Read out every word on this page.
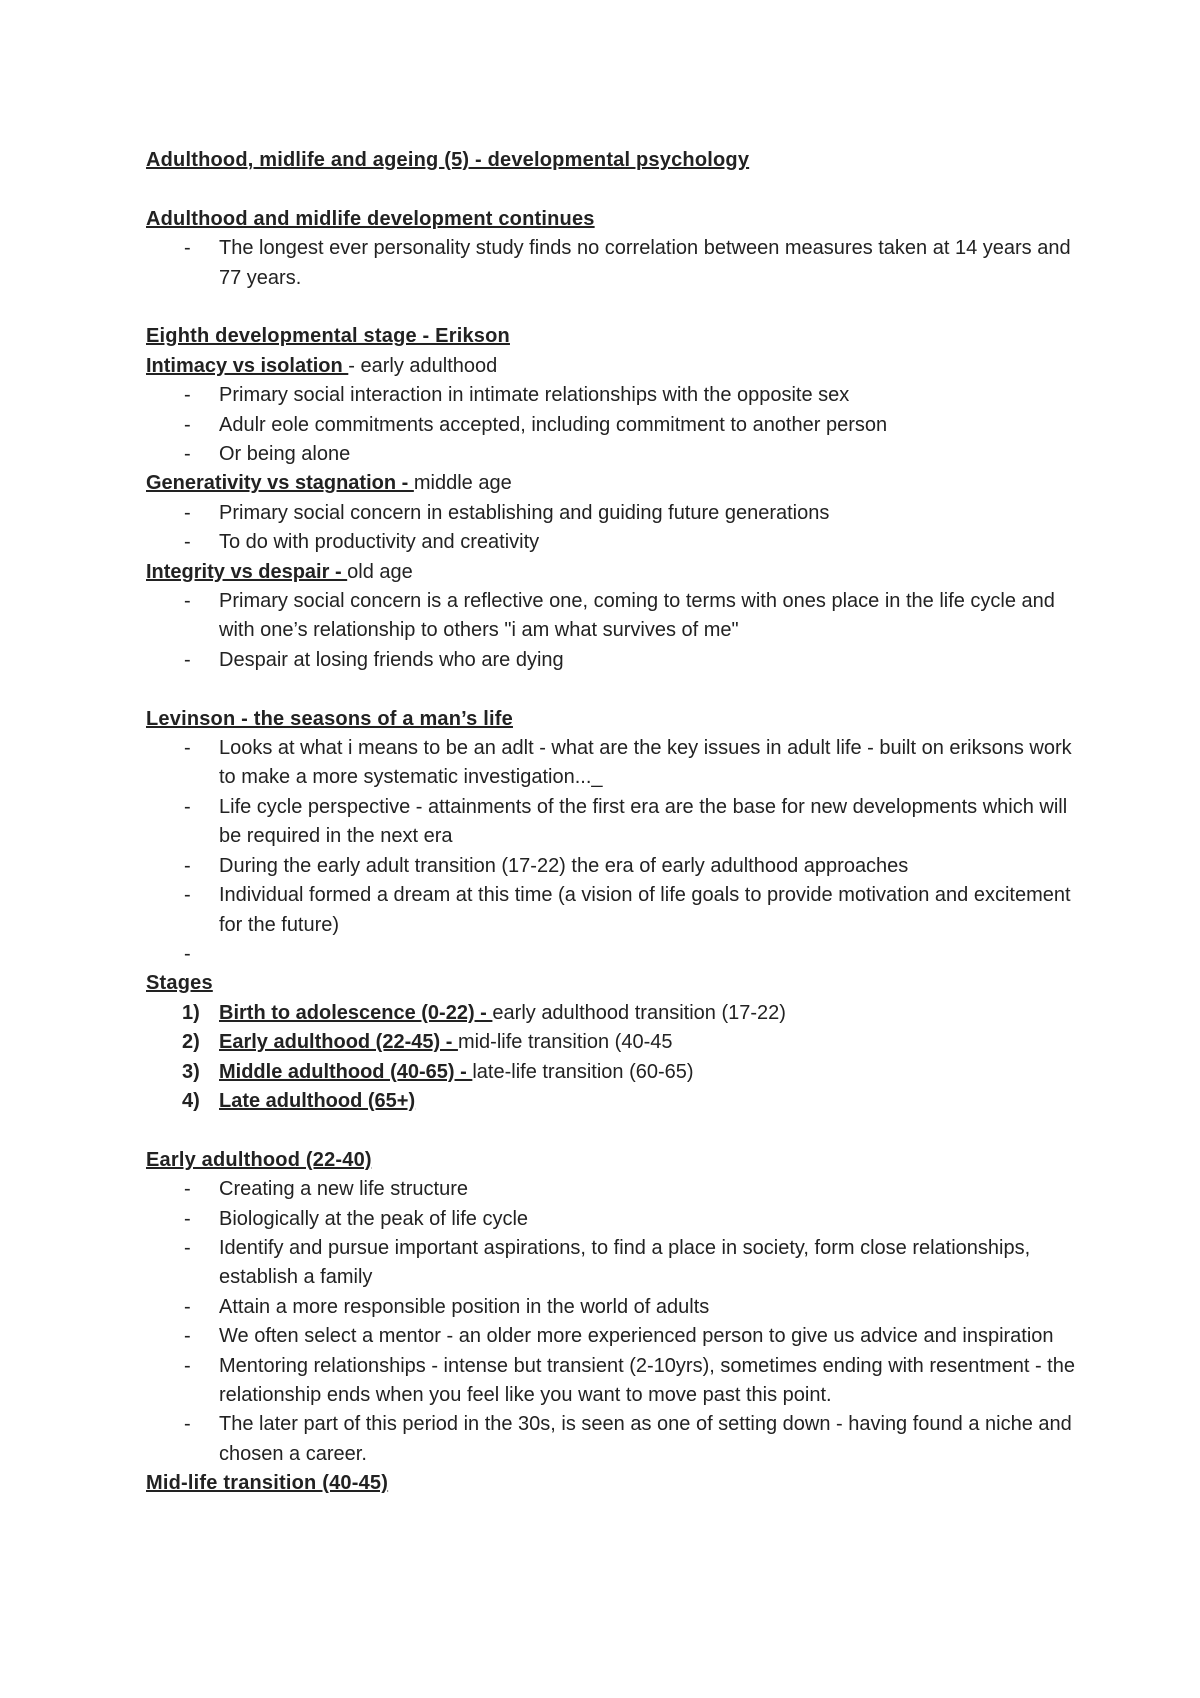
Adulthood, midlife and ageing (5) - developmental psychology
Adulthood and midlife development continues
- The longest ever personality study finds no correlation between measures taken at 14 years and 77 years.
Eighth developmental stage - Erikson
Intimacy vs isolation - early adulthood
- Primary social interaction in intimate relationships with the opposite sex
- Adulr eole commitments accepted, including commitment to another person
- Or being alone
Generativity vs stagnation - middle age
- Primary social concern in establishing and guiding future generations
- To do with productivity and creativity
Integrity vs despair - old age
- Primary social concern is a reflective one, coming to terms with ones place in the life cycle and with one’s relationship to others "i am what survives of me"
- Despair at losing friends who are dying
Levinson - the seasons of a man’s life
- Looks at what i means to be an adlt - what are the key issues in adult life - built on eriksons work to make a more systematic investigation..._
- Life cycle perspective - attainments of the first era are the base for new developments which will be required in the next era
- During the early adult transition (17-22) the era of early adulthood approaches
- Individual formed a dream at this time (a vision of life goals to provide motivation and excitement for the future)
-
Stages
1) Birth to adolescence (0-22) - early adulthood transition (17-22)
2) Early adulthood (22-45) - mid-life transition (40-45
3) Middle adulthood (40-65) - late-life transition (60-65)
4) Late adulthood (65+)
Early adulthood (22-40)
- Creating a new life structure
- Biologically at the peak of life cycle
- Identify and pursue important aspirations, to find a place in society, form close relationships, establish a family
- Attain a more responsible position in the world of adults
- We often select a mentor - an older more experienced person to give us advice and inspiration
- Mentoring relationships - intense but transient (2-10yrs), sometimes ending with resentment - the relationship ends when you feel like you want to move past this point.
- The later part of this period in the 30s, is seen as one of setting down - having found a niche and chosen a career.
Mid-life transition (40-45)
